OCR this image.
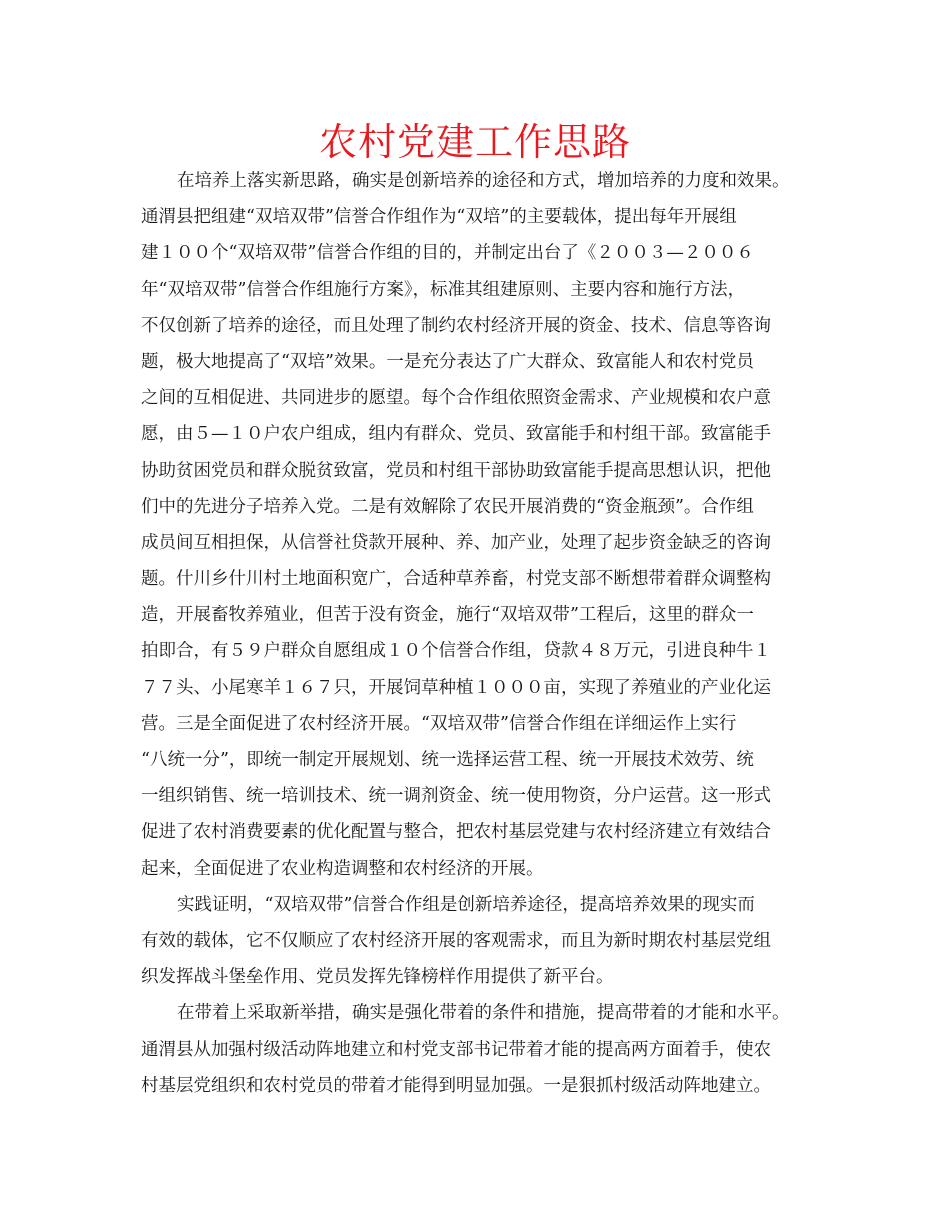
农村党建工作思路

在培养上落实新思路，确实是创新培养的途径和方式，增加培养的力度和效果。
通渭县把组建“双培双带”信誉合作组作为“双培”的主要载体，提出每年开展组
建１００个“双培双带”信誉合作组的目的，并制定出台了《２００３—２００６
年“双培双带”信誉合作组施行方案》，标准其组建原则、主要内容和施行方法，
不仅创新了培养的途径，而且处理了制约农村经济开展的资金、技术、信息等咨询
题，极大地提高了“双培”效果。一是充分表达了广大群众、致富能人和农村党员
之间的互相促进、共同进步的愿望。每个合作组依照资金需求、产业规模和农户意
愿，由５—１０户农户组成，组内有群众、党员、致富能手和村组干部。致富能手
协助贫困党员和群众脱贫致富，党员和村组干部协助致富能手提高思想认识，把他
们中的先进分子培养入党。二是有效解除了农民开展消费的“资金瓶颈”。合作组
成员间互相担保，从信誉社贷款开展种、养、加产业，处理了起步资金缺乏的咨询
题。什川乡什川村土地面积宽广，合适种草养畜，村党支部不断想带着群众调整构
造，开展畜牧养殖业，但苦于没有资金，施行“双培双带”工程后，这里的群众一
拍即合，有５９户群众自愿组成１０个信誉合作组，贷款４８万元，引进良种牛１
７７头、小尾寒羊１６７只，开展饲草种植１０００亩，实现了养殖业的产业化运
营。三是全面促进了农村经济开展。“双培双带”信誉合作组在详细运作上实行
“八统一分”，即统一制定开展规划、统一选择运营工程、统一开展技术效劳、统
一组织销售、统一培训技术、统一调剂资金、统一使用物资，分户运营。这一形式
促进了农村消费要素的优化配置与整合，把农村基层党建与农村经济建立有效结合
起来，全面促进了农业构造调整和农村经济的开展。

实践证明，“双培双带”信誉合作组是创新培养途径，提高培养效果的现实而
有效的载体，它不仅顺应了农村经济开展的客观需求，而且为新时期农村基层党组
织发挥战斗堡垒作用、党员发挥先锋榜样作用提供了新平台。

在带着上采取新举措，确实是强化带着的条件和措施，提高带着的才能和水平。
通渭县从加强村级活动阵地建立和村党支部书记带着才能的提高两方面着手，使农
村基层党组织和农村党员的带着才能得到明显加强。一是狠抓村级活动阵地建立。
